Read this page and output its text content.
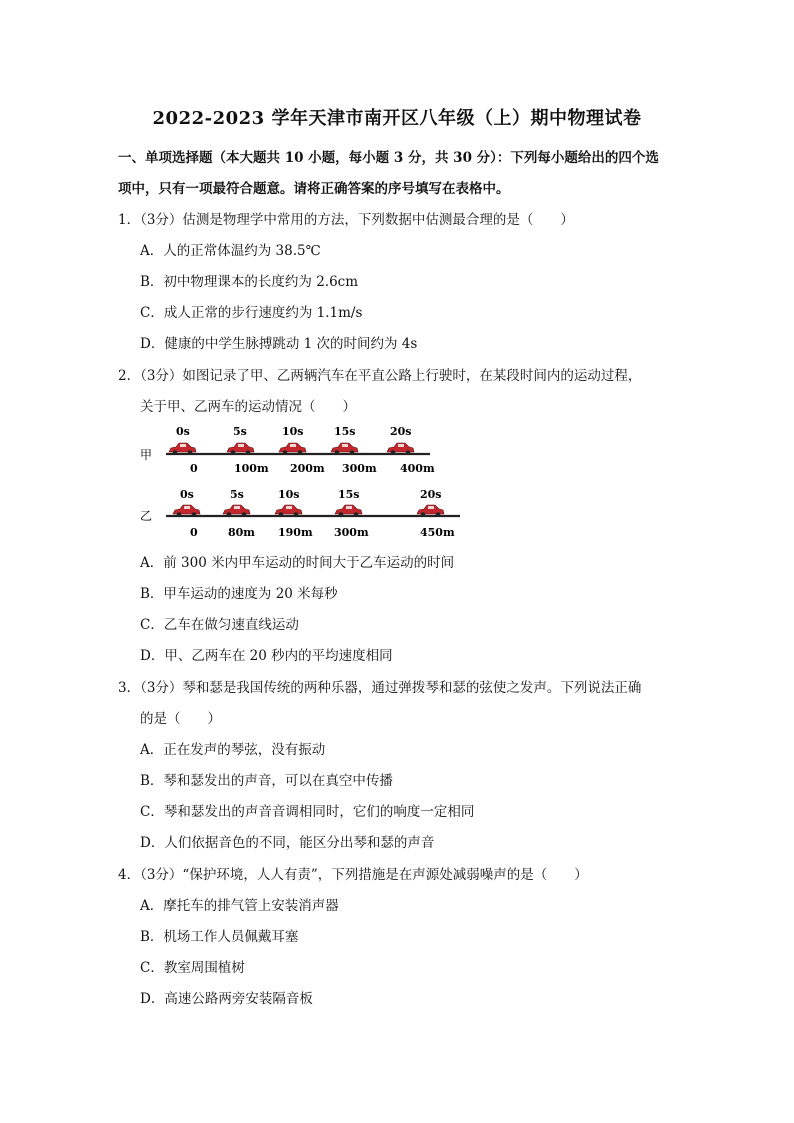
2022-2023 学年天津市南开区八年级（上）期中物理试卷
一、单项选择题（本大题共 10 小题，每小题 3 分，共 30 分）：下列每小题给出的四个选
项中，只有一项最符合题意。请将正确答案的序号填写在表格中。
1．（3分）估测是物理学中常用的方法，下列数据中估测最合理的是（　　）
A．人的正常体温约为 38.5℃
B．初中物理课本的长度约为 2.6cm
C．成人正常的步行速度约为 1.1m/s
D．健康的中学生脉搏跳动 1 次的时间约为 4s
2．（3分）如图记录了甲、乙两辆汽车在平直公路上行驶时，在某段时间内的运动过程，
关于甲、乙两车的运动情况（　　）
甲
0s	5s	10s	15s	20s
0	100m 200m 300m 400m
乙
0s	5s	10s	15s	20s
0	80m 190m 300m	450m
A．前 300 米内甲车运动的时间大于乙车运动的时间
B．甲车运动的速度为 20 米每秒
C．乙车在做匀速直线运动
D．甲、乙两车在 20 秒内的平均速度相同
3．（3分）琴和瑟是我国传统的两种乐器，通过弹拨琴和瑟的弦使之发声。下列说法正确
的是（　　）
A．正在发声的琴弦，没有振动
B．琴和瑟发出的声音，可以在真空中传播
C．琴和瑟发出的声音音调相同时，它们的响度一定相同
D．人们依据音色的不同，能区分出琴和瑟的声音
4．（3分）“保护环境，人人有责”，下列措施是在声源处减弱噪声的是（　　）
A．摩托车的排气管上安装消声器
B．机场工作人员佩戴耳塞
C．教室周围植树
D．高速公路两旁安装隔音板
